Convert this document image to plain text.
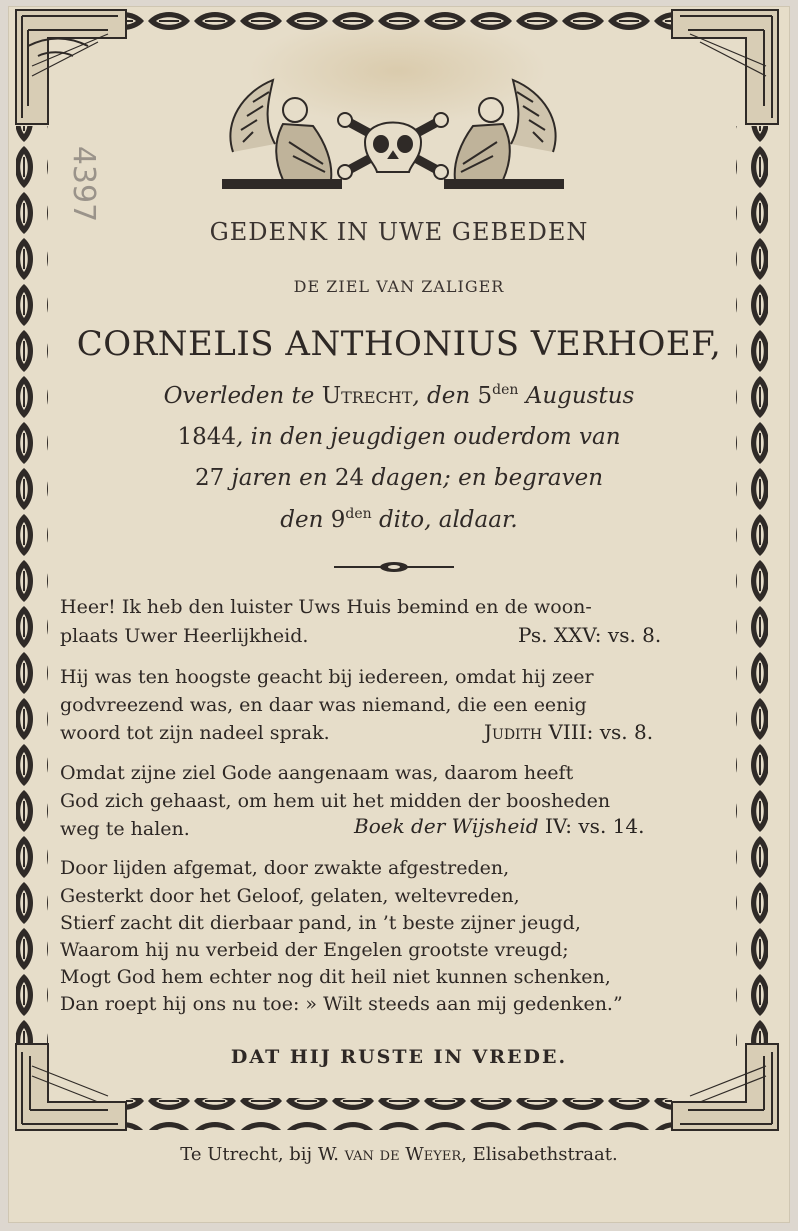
4397
GEDENK IN UWE GEBEDEN
DE ZIEL VAN ZALIGER
CORNELIS ANTHONIUS VERHOEF,
Overleden te Utrecht, den $5^{den}$ Augustus
1844, in den jeugdigen ouderdom van
27 jaren en 24 dagen; en begraven
den $9^{den}$ dito, aldaar.
Heer! Ik heb den luister Uws Huis bemind en de woon-
plaats Uwer Heerlijkheid.	Ps. XXV: vs. 8.
Hij was ten hoogste geacht bij iedereen, omdat hij zeer
godvreezend was, en daar was niemand, die een eenig
woord tot zijn nadeel sprak.	Judith VIII: vs. 8.
Omdat zijne ziel Gode aangenaam was, daarom heeft
God zich gehaast, om hem uit het midden der boosheden
weg te halen.	Boek der Wijsheid IV: vs. 14.
Door lijden afgemat, door zwakte afgestreden,
Gesterkt door het Geloof, gelaten, weltevreden,
Stierf zacht dit dierbaar pand, in ’t beste zijner jeugd,
Waarom hij nu verbeid der Engelen grootste vreugd;
Mogt God hem echter nog dit heil niet kunnen schenken,
Dan roept hij ons nu toe: » Wilt steeds aan mij gedenken.”
DAT HIJ RUSTE IN VREDE.
Te Utrecht, bij W. van de Weyer, Elisabethstraat.
